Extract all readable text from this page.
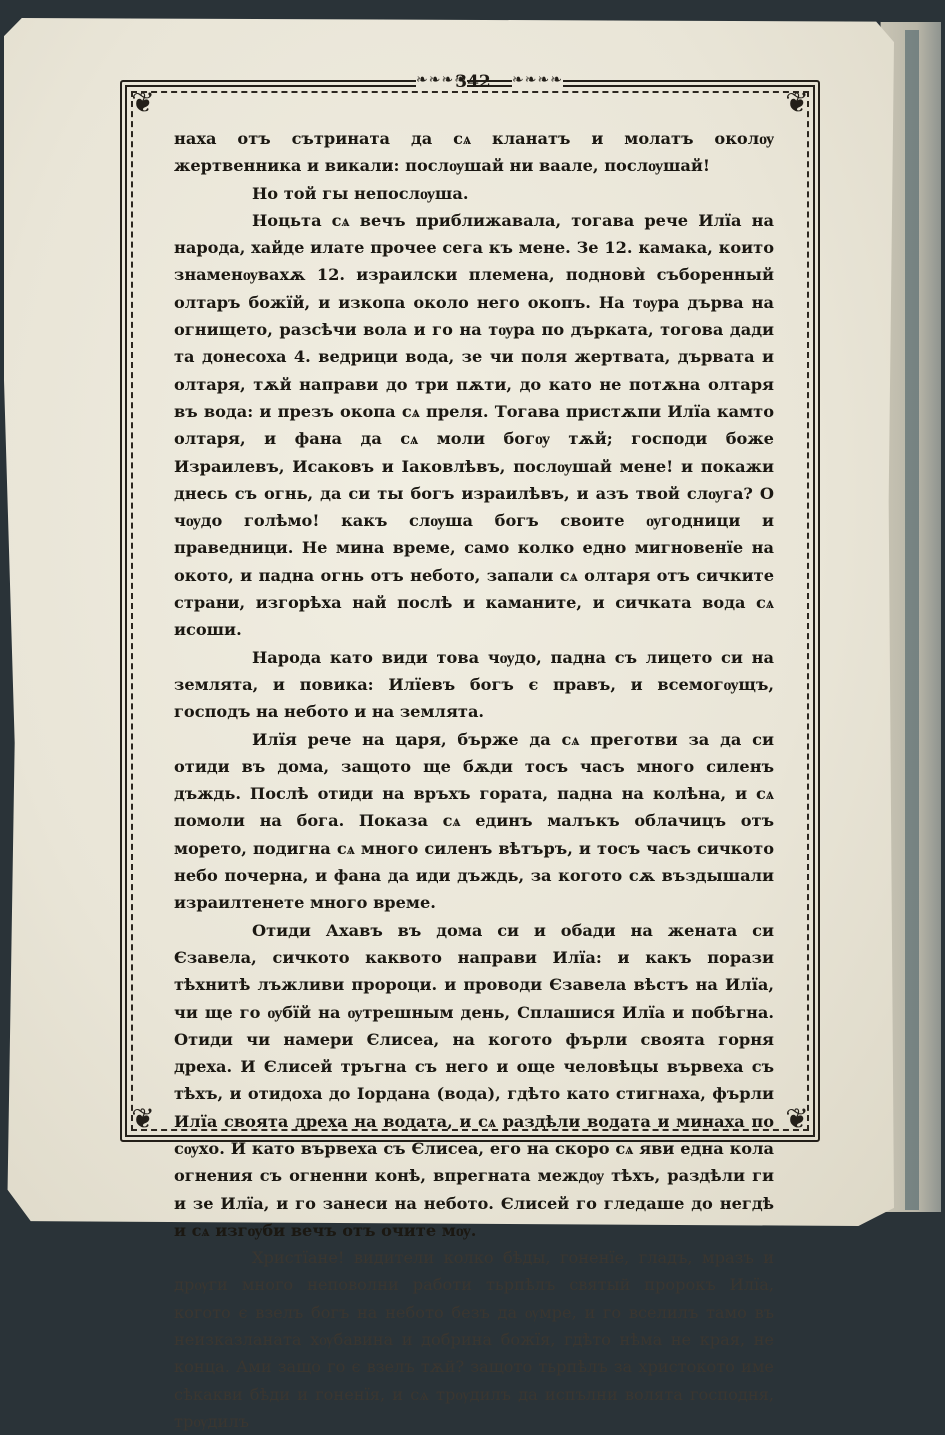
❦	❦
❦	❦
❧❧❧❧	❧❧❧❧
342

наха отъ сътрината да сѧ кланатъ и молатъ околѹ жертвенника и викали: послѹшай ни ваале, послѹшай!

Но той гы непослѹша.

Ноцьта сѧ вечъ приближавала, тогава рече Илїа на народа, хайде илате прочее сега къ мене. Зе 12. камака, които знаменѹвахѫ 12. израилски племена, подновѝ съборенный олтаръ божїй, и изкопа около него окопъ. На тѹра дърва на огнището, разсѣчи вола и го на тѹра по дърката, тогова дади та донесоха 4. ведрици вода, зе чи поля жертвата, дървата и олтаря, тѫй направи до три пѫти, до като не потѫна олтаря въ вода: и презъ окопа сѧ преля. Тогава пристѫпи Илїа камто олтаря, и фана да сѧ моли богѹ тѫй; господи боже Израилевъ, Исаковъ и Іаковлѣвъ, послѹшай мене! и покажи днесь съ огнь, да си ты богъ израилѣвъ, и азъ твой слѹга? О чѹдо голѣмо! какъ слѹша богъ своите ѹгодници и праведници. Не мина време, само колко едно мигновенїе на окото, и падна огнь отъ небото, запали сѧ олтаря отъ сичките страни, изгорѣха най послѣ и каманите, и сичката вода сѧ исоши.

Народа като види това чѹдо, падна съ лицето си на землята, и повика: Илїевъ богъ є правъ, и всемогѹщъ, господъ на небото и на землята.

Илїя рече на царя, бърже да сѧ преготви за да си отиди въ дома, защото ще бѫди тосъ часъ много силенъ дъждь. Послѣ отиди на връхъ гората, падна на колѣна, и сѧ помоли на бога. Показа сѧ единъ малъкъ облачицъ отъ морето, подигна сѧ много силенъ вѣтъръ, и тосъ часъ сичкото небо почерна, и фана да иди дъждь, за когото сѫ въздышали израилтенете много време.

Отиди Ахавъ въ дома си и обади на жената си Єзавела, сичкото каквото направи Илїа: и какъ порази тѣхнитѣ лъжливи пророци. и проводи Єзавела вѣстъ на Илїа, чи ще го ѹбїй на ѹтрешным день, Сплашися Илїа и побѣгна. Отиди чи намери Єлисеа, на когото фърли своята горня дреха. И Єлисей тръгна съ него и още человѣцы вървеха съ тѣхъ, и отидоха до Іордана (вода), гдѣто като стигнаха, фърли Илїа своята дреха на водата, и сѧ раздѣли водата и минаха по сѹхо. И като вървеха съ Єлисеа, его на скоро сѧ яви една кола огнения съ огненни конѣ, впрегната междѹ тѣхъ, раздѣли ги и зе Илїа, и го занеси на небото. Єлисей го гледаше до негдѣ и сѧ изгѹби вечъ отъ очите мѹ.

Христїане! видители колко бѣды, гоненїе, гладъ, мразъ и дрѹги много неповолни работи тьрпѣлъ святый пророкъ Илїа, когото є взелъ богъ на небото безъ да ѹмре, и го вселилъ тамо въ неизказланата хѹбавина и добрина божїя, гдѣто нѣма не края, не конца. Ами защо го є взелъ тѫй? защото тьрпѣлъ за христокото име сѣкакви бѣди и гоненїя, и сѧ трѹдилъ да испълни волята господня, трѹдилъ
